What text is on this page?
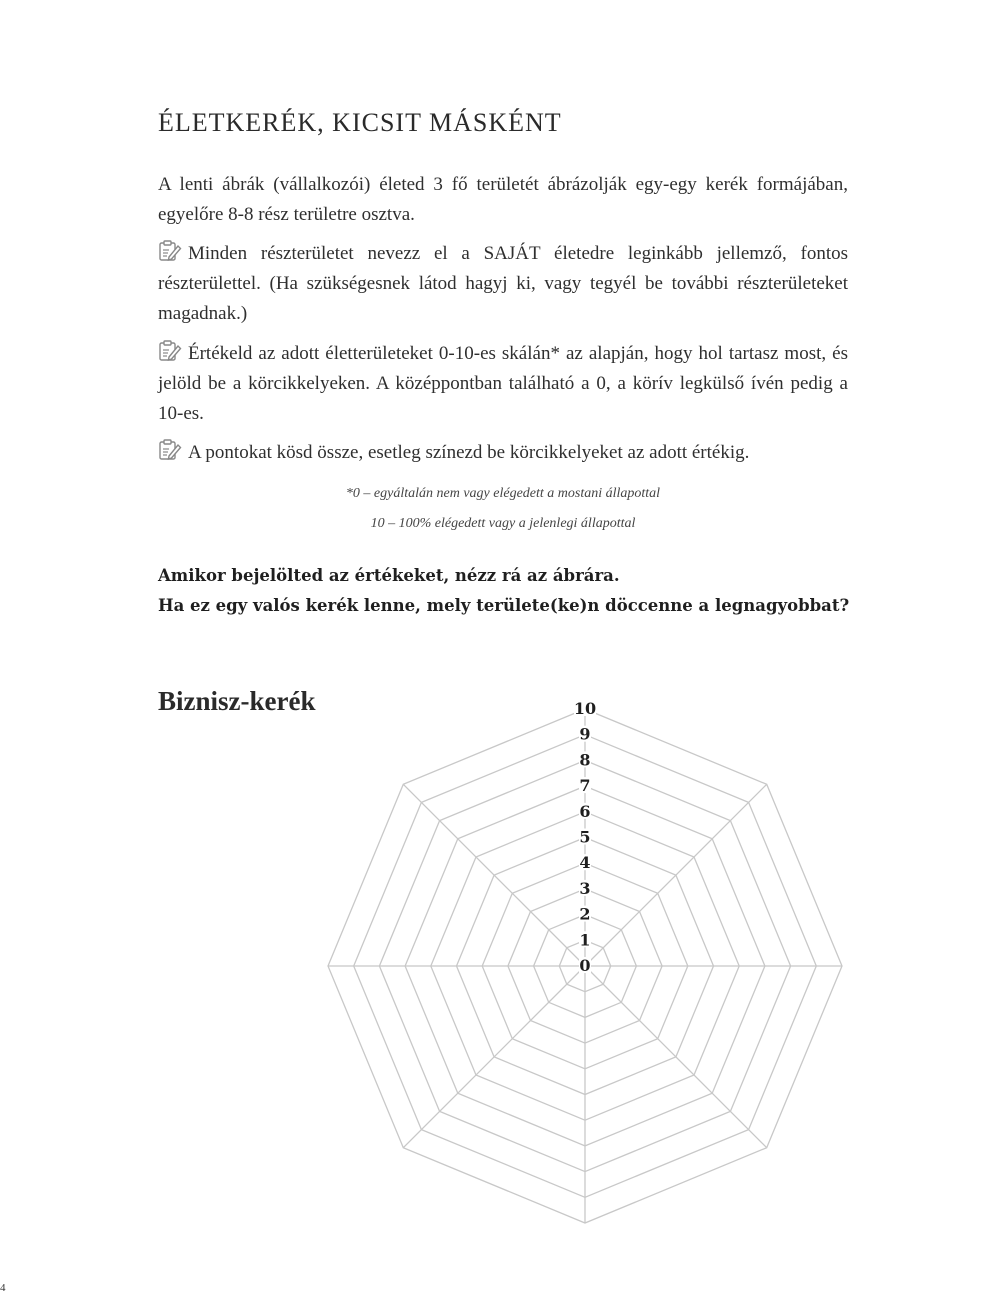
ÉLETKERÉK, KICSIT MÁSKÉNT

A lenti ábrák (vállalkozói) életed 3 fő területét ábrázolják egy-egy kerék formájában, egyelőre 8-8 rész területre osztva.

Minden részterületet nevezz el a SAJÁT életedre leginkább jellemző, fontos részterülettel. (Ha szükségesnek látod hagyj ki, vagy tegyél be további részterületeket magadnak.)

Értékeld az adott életterületeket 0-10-es skálán* az alapján, hogy hol tartasz most, és jelöld be a körcikkelyeken. A középpontban található a 0, a körív legkülső ívén pedig a 10-es.

A pontokat kösd össze, esetleg színezd be körcikkelyeket az adott értékig.

*0 – egyáltalán nem vagy elégedett a mostani állapottal

10 – 100% elégedett vagy a jelenlegi állapottal

Amikor bejelölted az értékeket, nézz rá az ábrára.

Ha ez egy valós kerék lenne, mely területe(ke)n döccenne a legnagyobbat?

Biznisz-kerék
0
1
2
3
4
5
6
7
8
9
10
4
